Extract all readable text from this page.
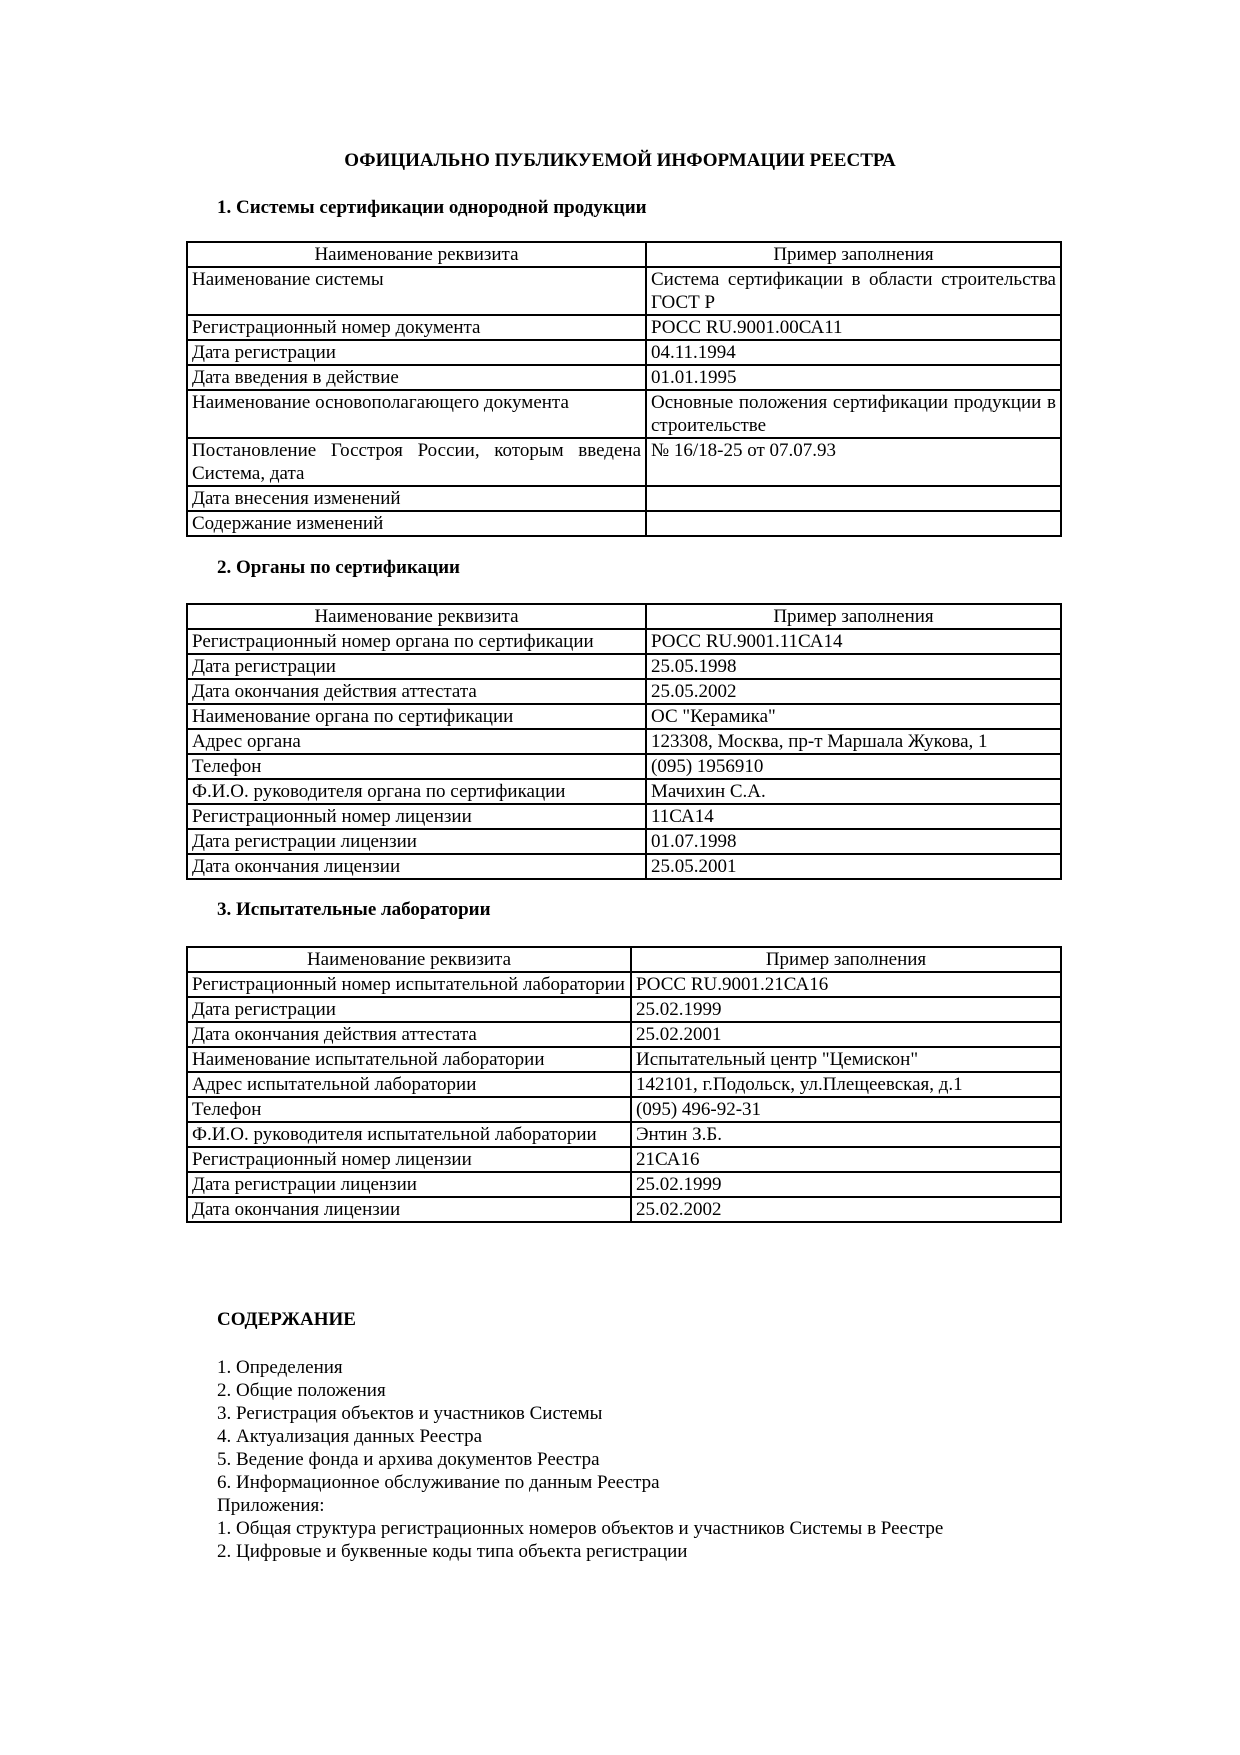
ОФИЦИАЛЬНО ПУБЛИКУЕМОЙ ИНФОРМАЦИИ РЕЕСТРА
1. Системы сертификации однородной продукции
Наименование реквизита	Пример заполнения
Наименование системы	Система сертификации в области строительства ГОСТ Р
Регистрационный номер документа	РОСС RU.9001.00СА11
Дата регистрации	04.11.1994
Дата введения в действие	01.01.1995
Наименование основополагающего документа	Основные положения сертификации продукции в строительстве
Постановление Госстроя России, которым введена Система, дата	№ 16/18-25 от 07.07.93
Дата внесения изменений	
Содержание изменений	
2. Органы по сертификации
Наименование реквизита	Пример заполнения
Регистрационный номер органа по сертификации	РОСС RU.9001.11СА14
Дата регистрации	25.05.1998
Дата окончания действия аттестата	25.05.2002
Наименование органа по сертификации	ОС "Керамика"
Адрес органа	123308, Москва, пр-т Маршала Жукова, 1
Телефон	(095) 1956910
Ф.И.О. руководителя органа по сертификации	Мачихин С.А.
Регистрационный номер лицензии	11СА14
Дата регистрации лицензии	01.07.1998
Дата окончания лицензии	25.05.2001
3. Испытательные лаборатории
Наименование реквизита	Пример заполнения
Регистрационный номер испытательной лаборатории	РОСС RU.9001.21СА16
Дата регистрации	25.02.1999
Дата окончания действия аттестата	25.02.2001
Наименование испытательной лаборатории	Испытательный центр "Цемискон"
Адрес испытательной лаборатории	142101, г.Подольск, ул.Плещеевская, д.1
Телефон	(095) 496-92-31
Ф.И.О. руководителя испытательной лаборатории	Энтин З.Б.
Регистрационный номер лицензии	21СА16
Дата регистрации лицензии	25.02.1999
Дата окончания лицензии	25.02.2002
СОДЕРЖАНИЕ
1. Определения
2. Общие положения
3. Регистрация объектов и участников Системы
4. Актуализация данных Реестра
5. Ведение фонда и архива документов Реестра
6. Информационное обслуживание по данным Реестра
Приложения:
1. Общая структура регистрационных номеров объектов и участников Системы в Реестре
2. Цифровые и буквенные коды типа объекта регистрации
